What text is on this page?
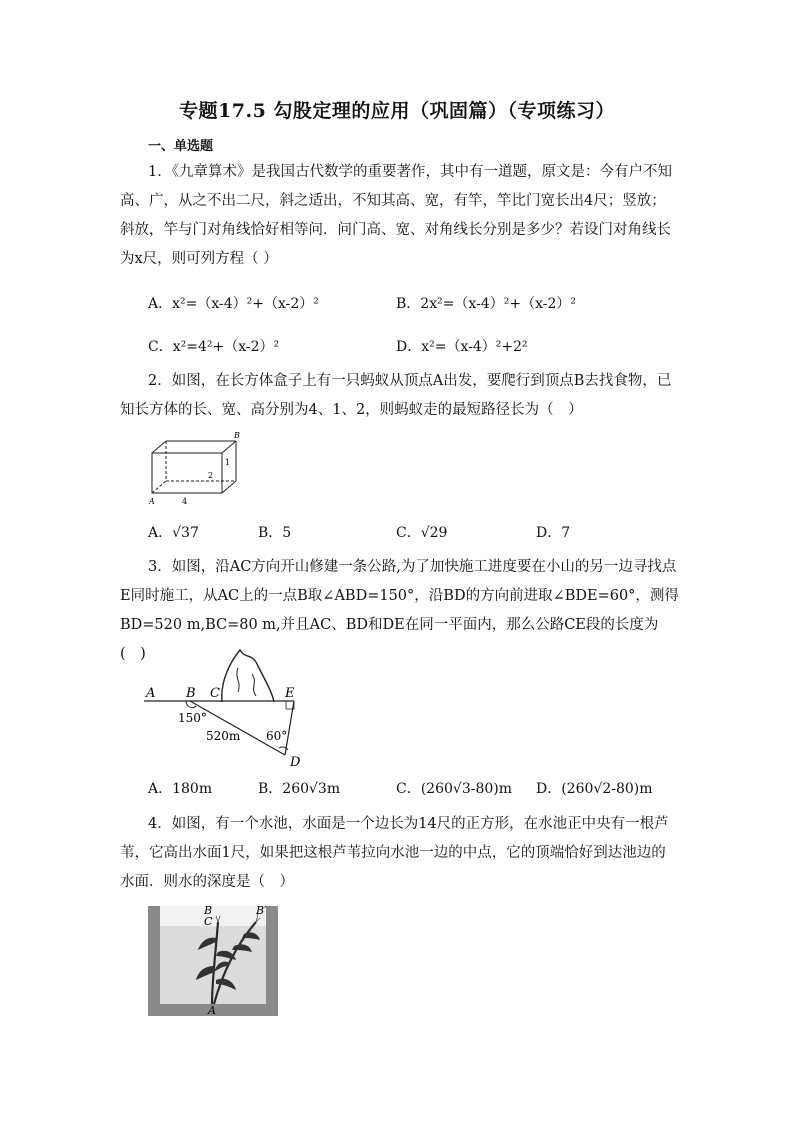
专题17.5 勾股定理的应用（巩固篇）（专项练习）
一、单选题

1．《九章算术》是我国古代数学的重要著作，其中有一道题，原文是：今有户不知高、广，从之不出二尺，斜之适出，不知其高、宽，有竿，竿比门宽长出4尺；竖放；斜放，竿与门对角线恰好相等问．问门高、宽、对角线长分别是多少？若设门对角线长为x尺，则可列方程（ ）

A．x²=（x-4）²+（x-2）²	B．2x²=（x-4）²+（x-2）²
C．x²=4²+（x-2）²	D．x²=（x-4）²+2²

2．如图，在长方体盒子上有一只蚂蚁从顶点A出发，要爬行到顶点B去找食物，已知长方体的长、宽、高分别为4、1、2，则蚂蚁走的最短路径长为（　）

B
A	4
1
2
A．√37	B．5	C．√29	D．7

3．如图，沿AC方向开山修建一条公路,为了加快施工进度要在小山的另一边寻找点E同时施工，从AC上的一点B取∠ABD=150°，沿BD的方向前进取∠BDE=60°，测得BD=520 m,BC=80 m,并且AC、BD和DE在同一平面内，那么公路CE段的长度为(　)

A B C	E
D
150°
520m 60°
A．180m	B．260√3m	C．(260√3-80)m D．(260√2-80)m

4．如图，有一个水池，水面是一个边长为14尺的正方形，在水池正中央有一根芦苇，它高出水面1尺，如果把这根芦苇拉向水池一边的中点，它的顶端恰好到达池边的水面．则水的深度是（　）

B
C
B′
A
